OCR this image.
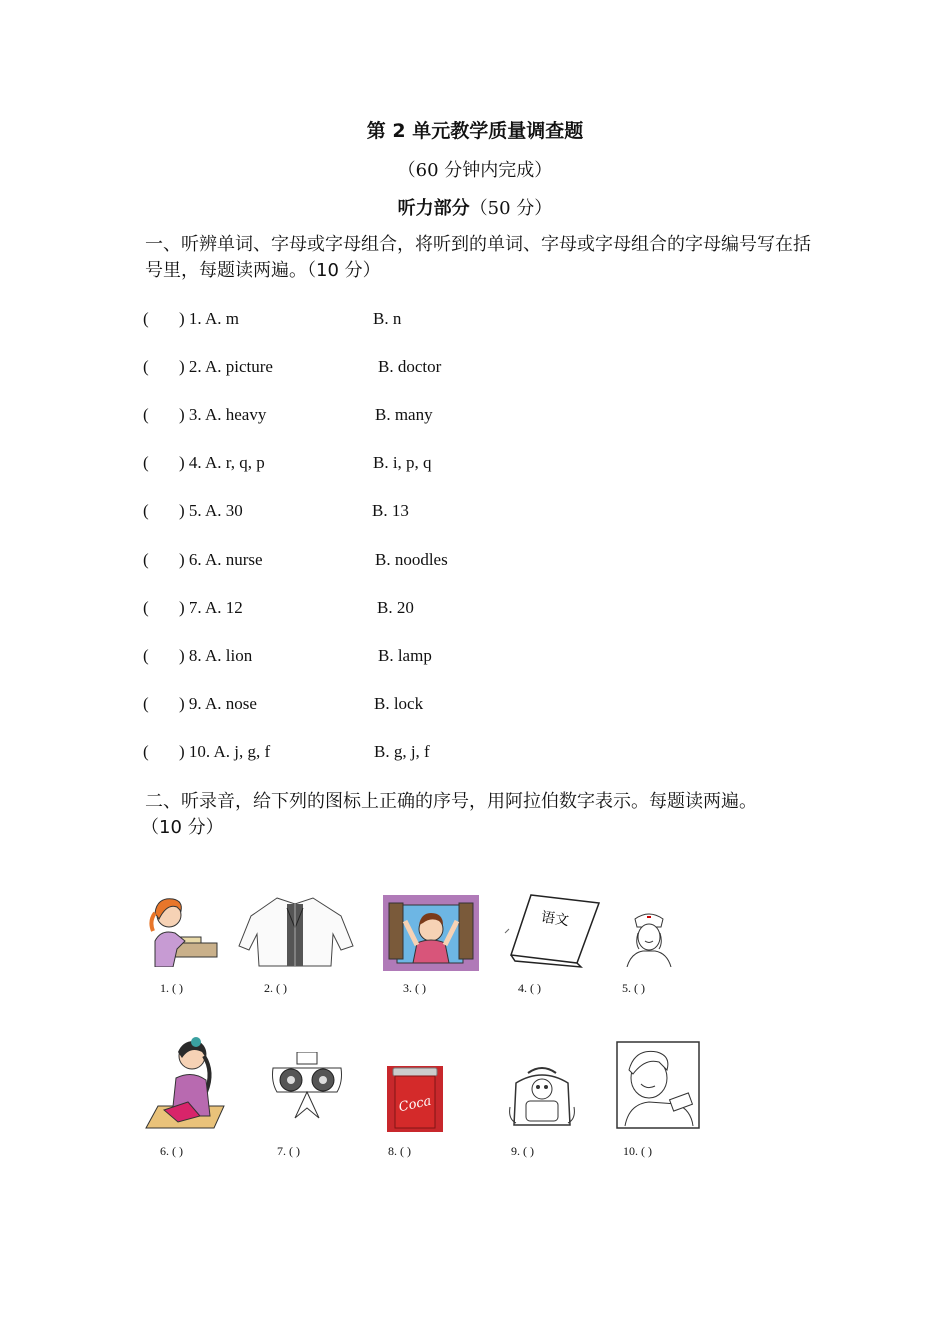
第 2 单元教学质量调查题
（60 分钟内完成）
听力部分（50 分）
一、听辨单词、字母或字母组合，将听到的单词、字母或字母组合的字母编号写在括号里，每题读两遍。（10 分）
( ) 1. A. m	B. n
( ) 2. A. picture	B. doctor
( ) 3. A. heavy	B. many
( ) 4. A. r, q, p	B. i, p, q
( ) 5. A. 30	B. 13
( ) 6. A. nurse	B. noodles
( ) 7. A. 12	B. 20
( ) 8. A. lion	B. lamp
( ) 9. A. nose	B. lock
( ) 10. A. j, g, f	B. g, j, f
二、听录音，给下列的图标上正确的序号，用阿拉伯数字表示。每题读两遍。
（10 分）
语文
1. ( )	2. ( )	3. ( )	4. ( )	5. ( )
Coca
6. ( )	7. ( )	8. ( )	9. ( )	10. ( )
